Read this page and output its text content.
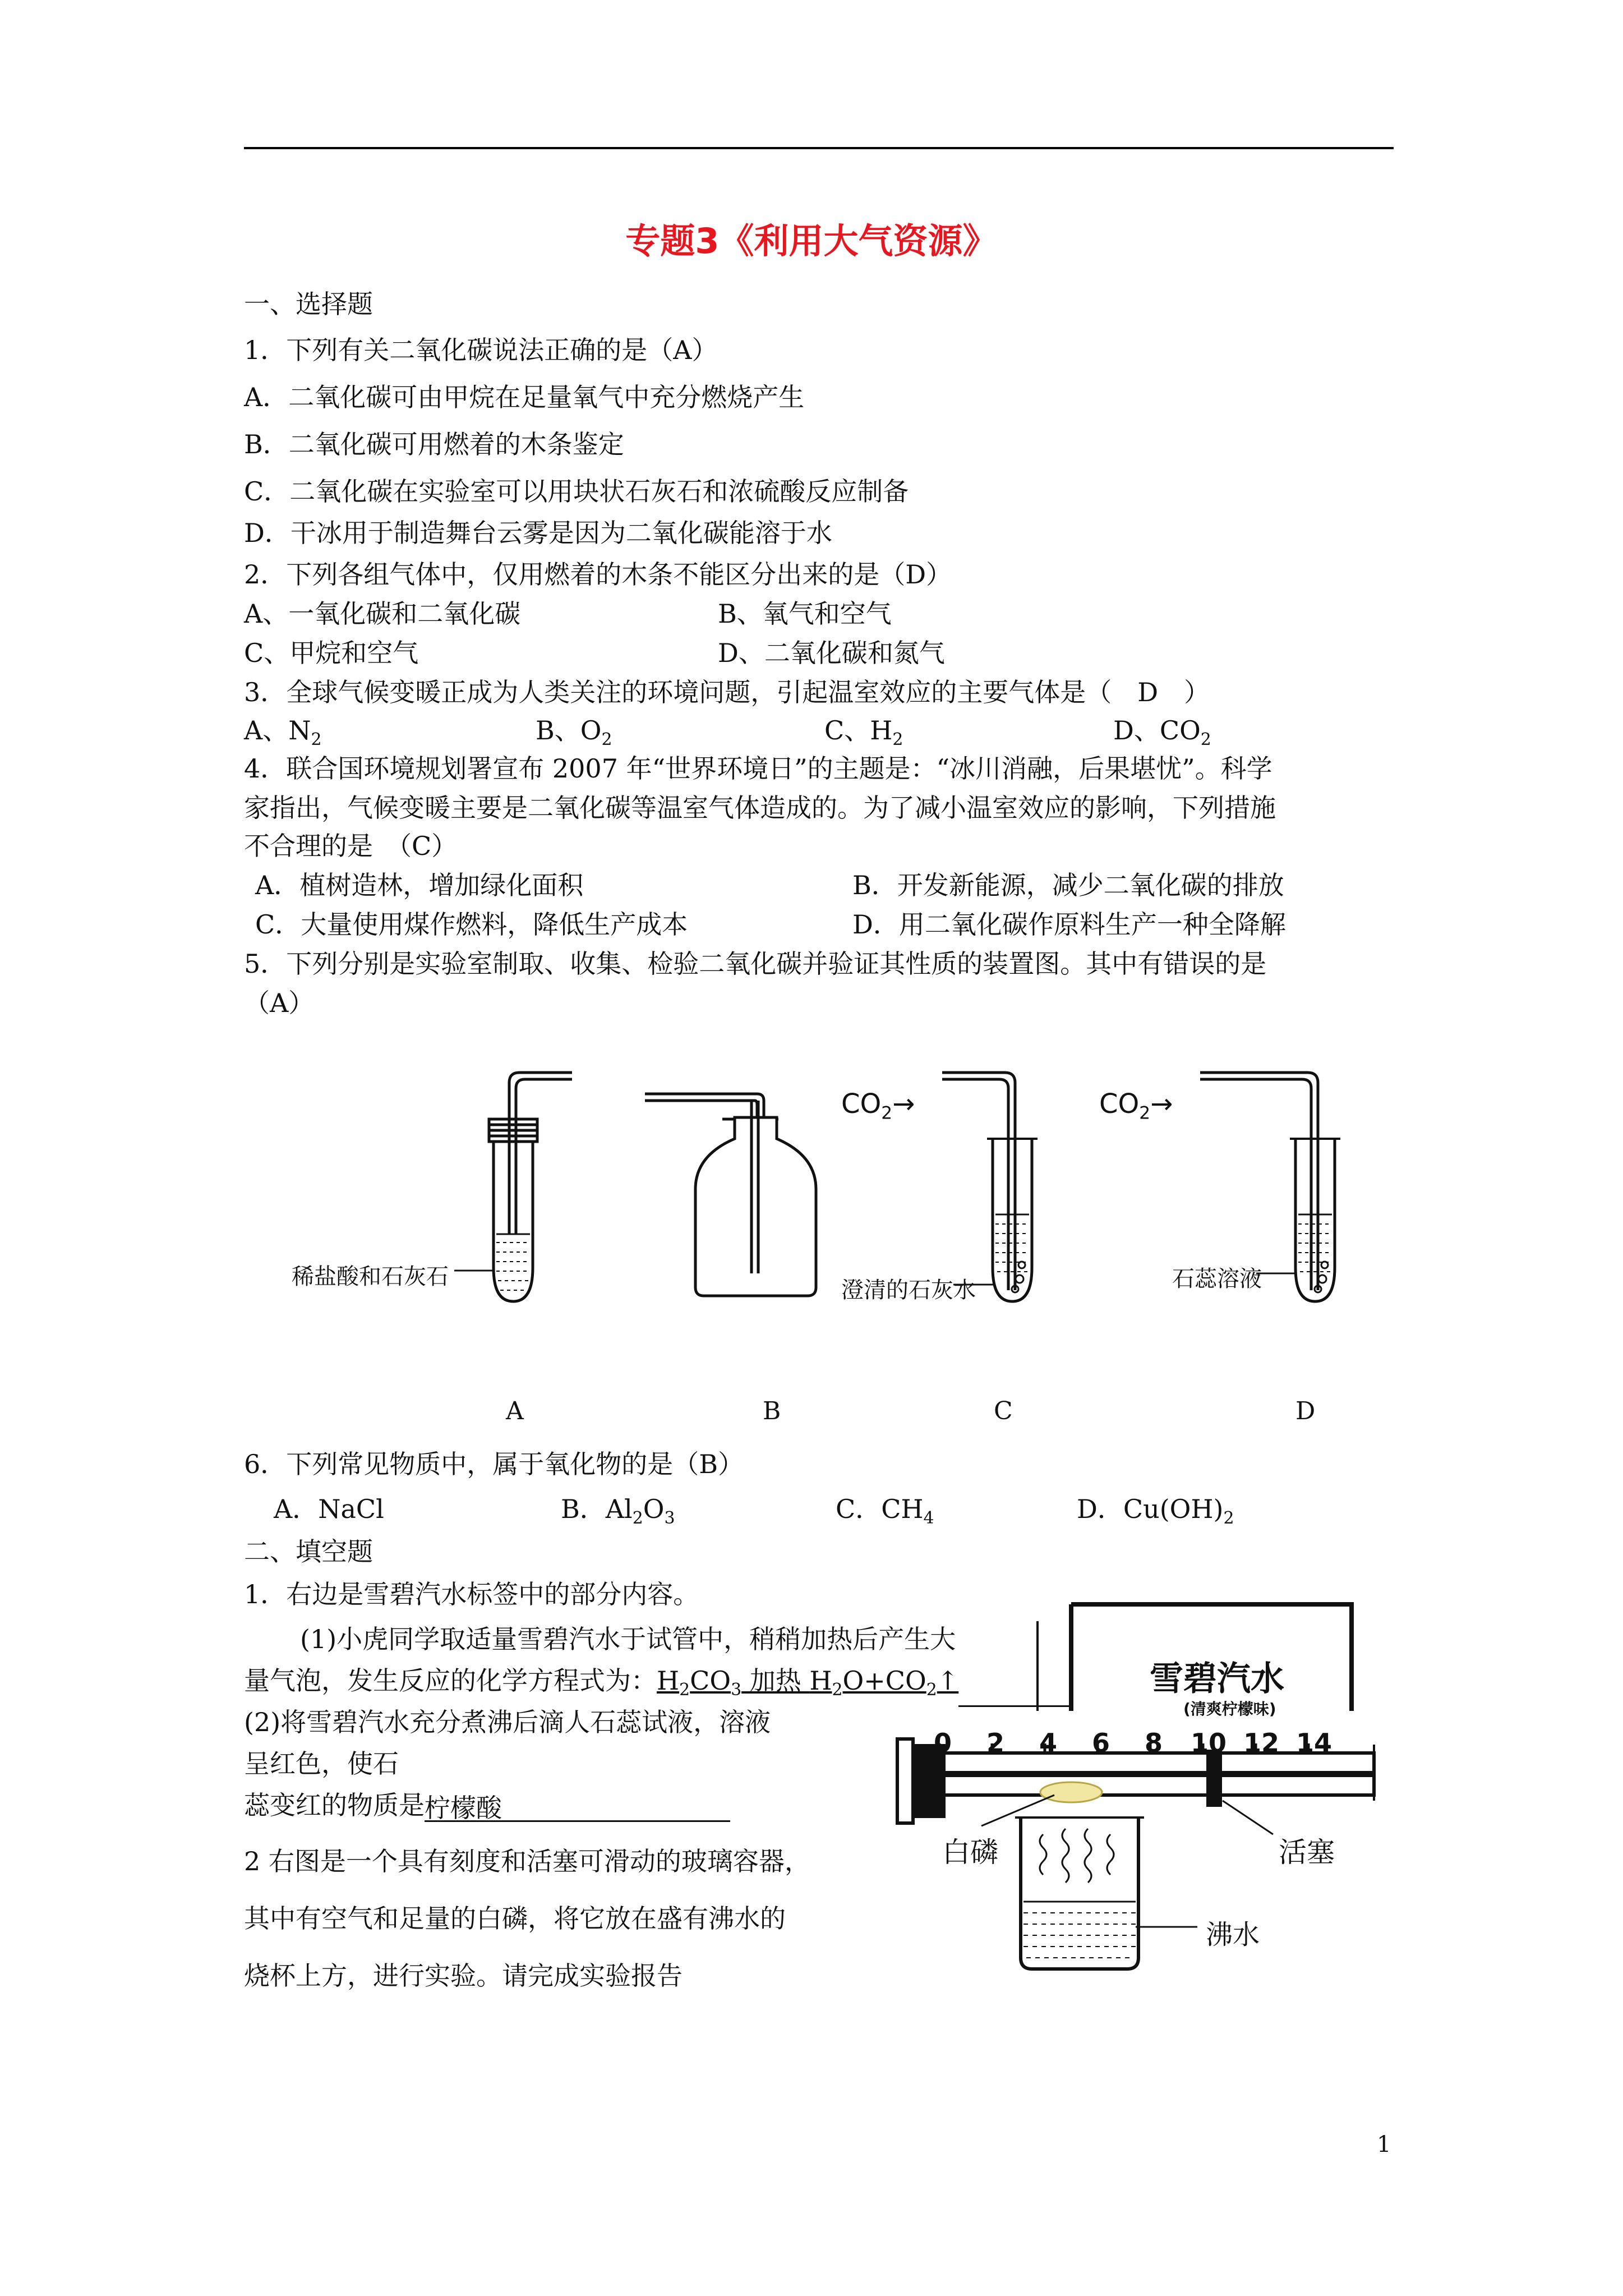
专题3《利用大气资源》
一、选择题
1．下列有关二氧化碳说法正确的是（A）
A．二氧化碳可由甲烷在足量氧气中充分燃烧产生
B．二氧化碳可用燃着的木条鉴定
C．二氧化碳在实验室可以用块状石灰石和浓硫酸反应制备
D．干冰用于制造舞台云雾是因为二氧化碳能溶于水
2．下列各组气体中，仅用燃着的木条不能区分出来的是（D）
A、一氧化碳和二氧化碳	B、氧气和空气
C、甲烷和空气	D、二氧化碳和氮气
3．全球气候变暖正成为人类关注的环境问题，引起温室效应的主要气体是（　D　）
A、$N_2$	B、$O_2$	C、$H_2$	D、$CO_2$
4．联合国环境规划署宣布 2007 年“世界环境日”的主题是：“冰川消融，后果堪忧”。科学
家指出，气候变暖主要是二氧化碳等温室气体造成的。为了减小温室效应的影响，下列措施
不合理的是　（C）
A．植树造林，增加绿化面积	B．开发新能源，减少二氧化碳的排放
C．大量使用煤作燃料，降低生产成本	D．用二氧化碳作原料生产一种全降解
5．下列分别是实验室制取、收集、检验二氧化碳并验证其性质的装置图。其中有错误的是
（A）
稀盐酸和石灰石
澄清的石灰水	石蕊溶液
$CO_2\to$	$CO_2\to$
A	B	C	D
6．下列常见物质中，属于氧化物的是（B）
A．NaCl	B．$Al_2O_3$	C．$CH_4$	D．$Cu(OH)_2$
二、填空题
1．右边是雪碧汽水标签中的部分内容。
(1)小虎同学取适量雪碧汽水于试管中，稍稍加热后产生大
量气泡，发生反应的化学方程式为：$H_2CO_3$ 加热 $H_2O+CO_2↑$
(2)将雪碧汽水充分煮沸后滴人石蕊试液，溶液
呈红色，使石
蕊变红的物质是柠檬酸
2 右图是一个具有刻度和活塞可滑动的玻璃容器，
其中有空气和足量的白磷，将它放在盛有沸水的
烧杯上方，进行实验。请完成实验报告
雪碧汽水
(清爽柠檬味)
0 2 4 6 8 10 12 14
白磷	活塞
沸水
1
